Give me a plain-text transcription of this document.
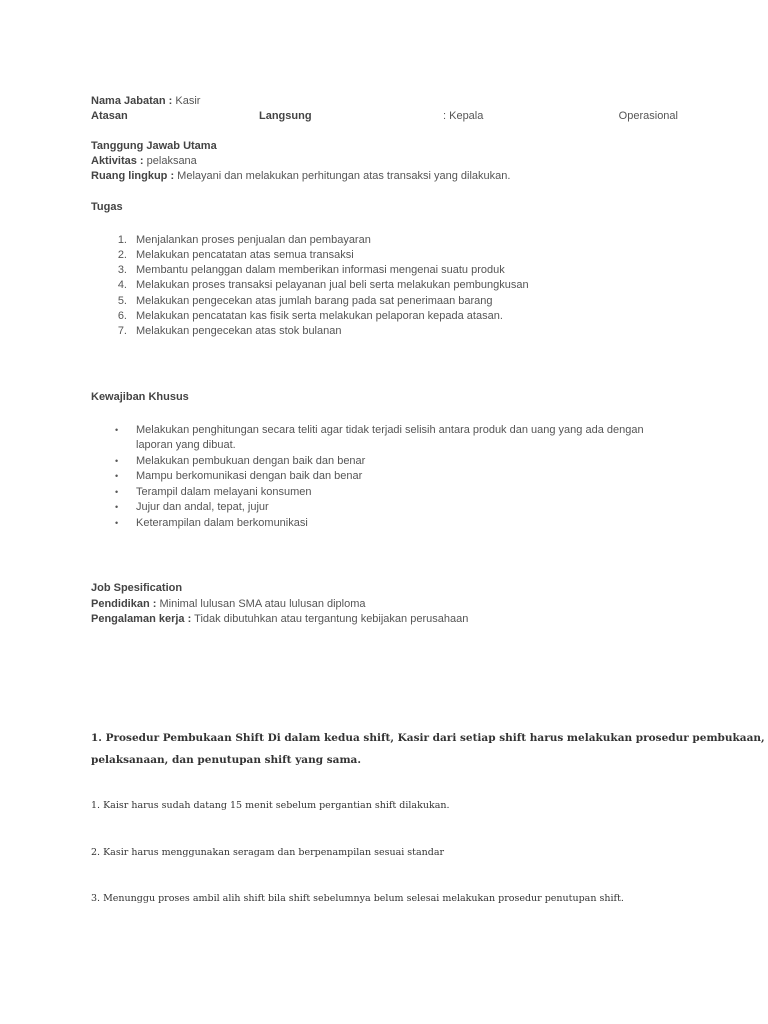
Nama Jabatan : Kasir
Atasan	Langsung	: Kepala	Operasional
Tanggung Jawab Utama
Aktivitas : pelaksana
Ruang lingkup : Melayani dan melakukan perhitungan atas transaksi yang dilakukan.
Tugas
1. Menjalankan proses penjualan dan pembayaran
2. Melakukan pencatatan atas semua transaksi
3. Membantu pelanggan dalam memberikan informasi mengenai suatu produk
4. Melakukan proses transaksi pelayanan jual beli serta melakukan pembungkusan
5. Melakukan pengecekan atas jumlah barang pada sat penerimaan barang
6. Melakukan pencatatan kas fisik serta melakukan pelaporan kepada atasan.
7. Melakukan pengecekan atas stok bulanan
Kewajiban Khusus
• Melakukan penghitungan secara teliti agar tidak terjadi selisih antara produk dan uang yang ada dengan
laporan yang dibuat.
• Melakukan pembukuan dengan baik dan benar
• Mampu berkomunikasi dengan baik dan benar
• Terampil dalam melayani konsumen
• Jujur dan andal, tepat, jujur
• Keterampilan dalam berkomunikasi
Job Spesification
Pendidikan : Minimal lulusan SMA atau lulusan diploma
Pengalaman kerja : Tidak dibutuhkan atau tergantung kebijakan perusahaan
1. Prosedur Pembukaan Shift Di dalam kedua shift, Kasir dari setiap shift harus melakukan prosedur pembukaan,
pelaksanaan, dan penutupan shift yang sama.
1. Kaisr harus sudah datang 15 menit sebelum pergantian shift dilakukan.
2. Kasir harus menggunakan seragam dan berpenampilan sesuai standar
3. Menunggu proses ambil alih shift bila shift sebelumnya belum selesai melakukan prosedur penutupan shift.
